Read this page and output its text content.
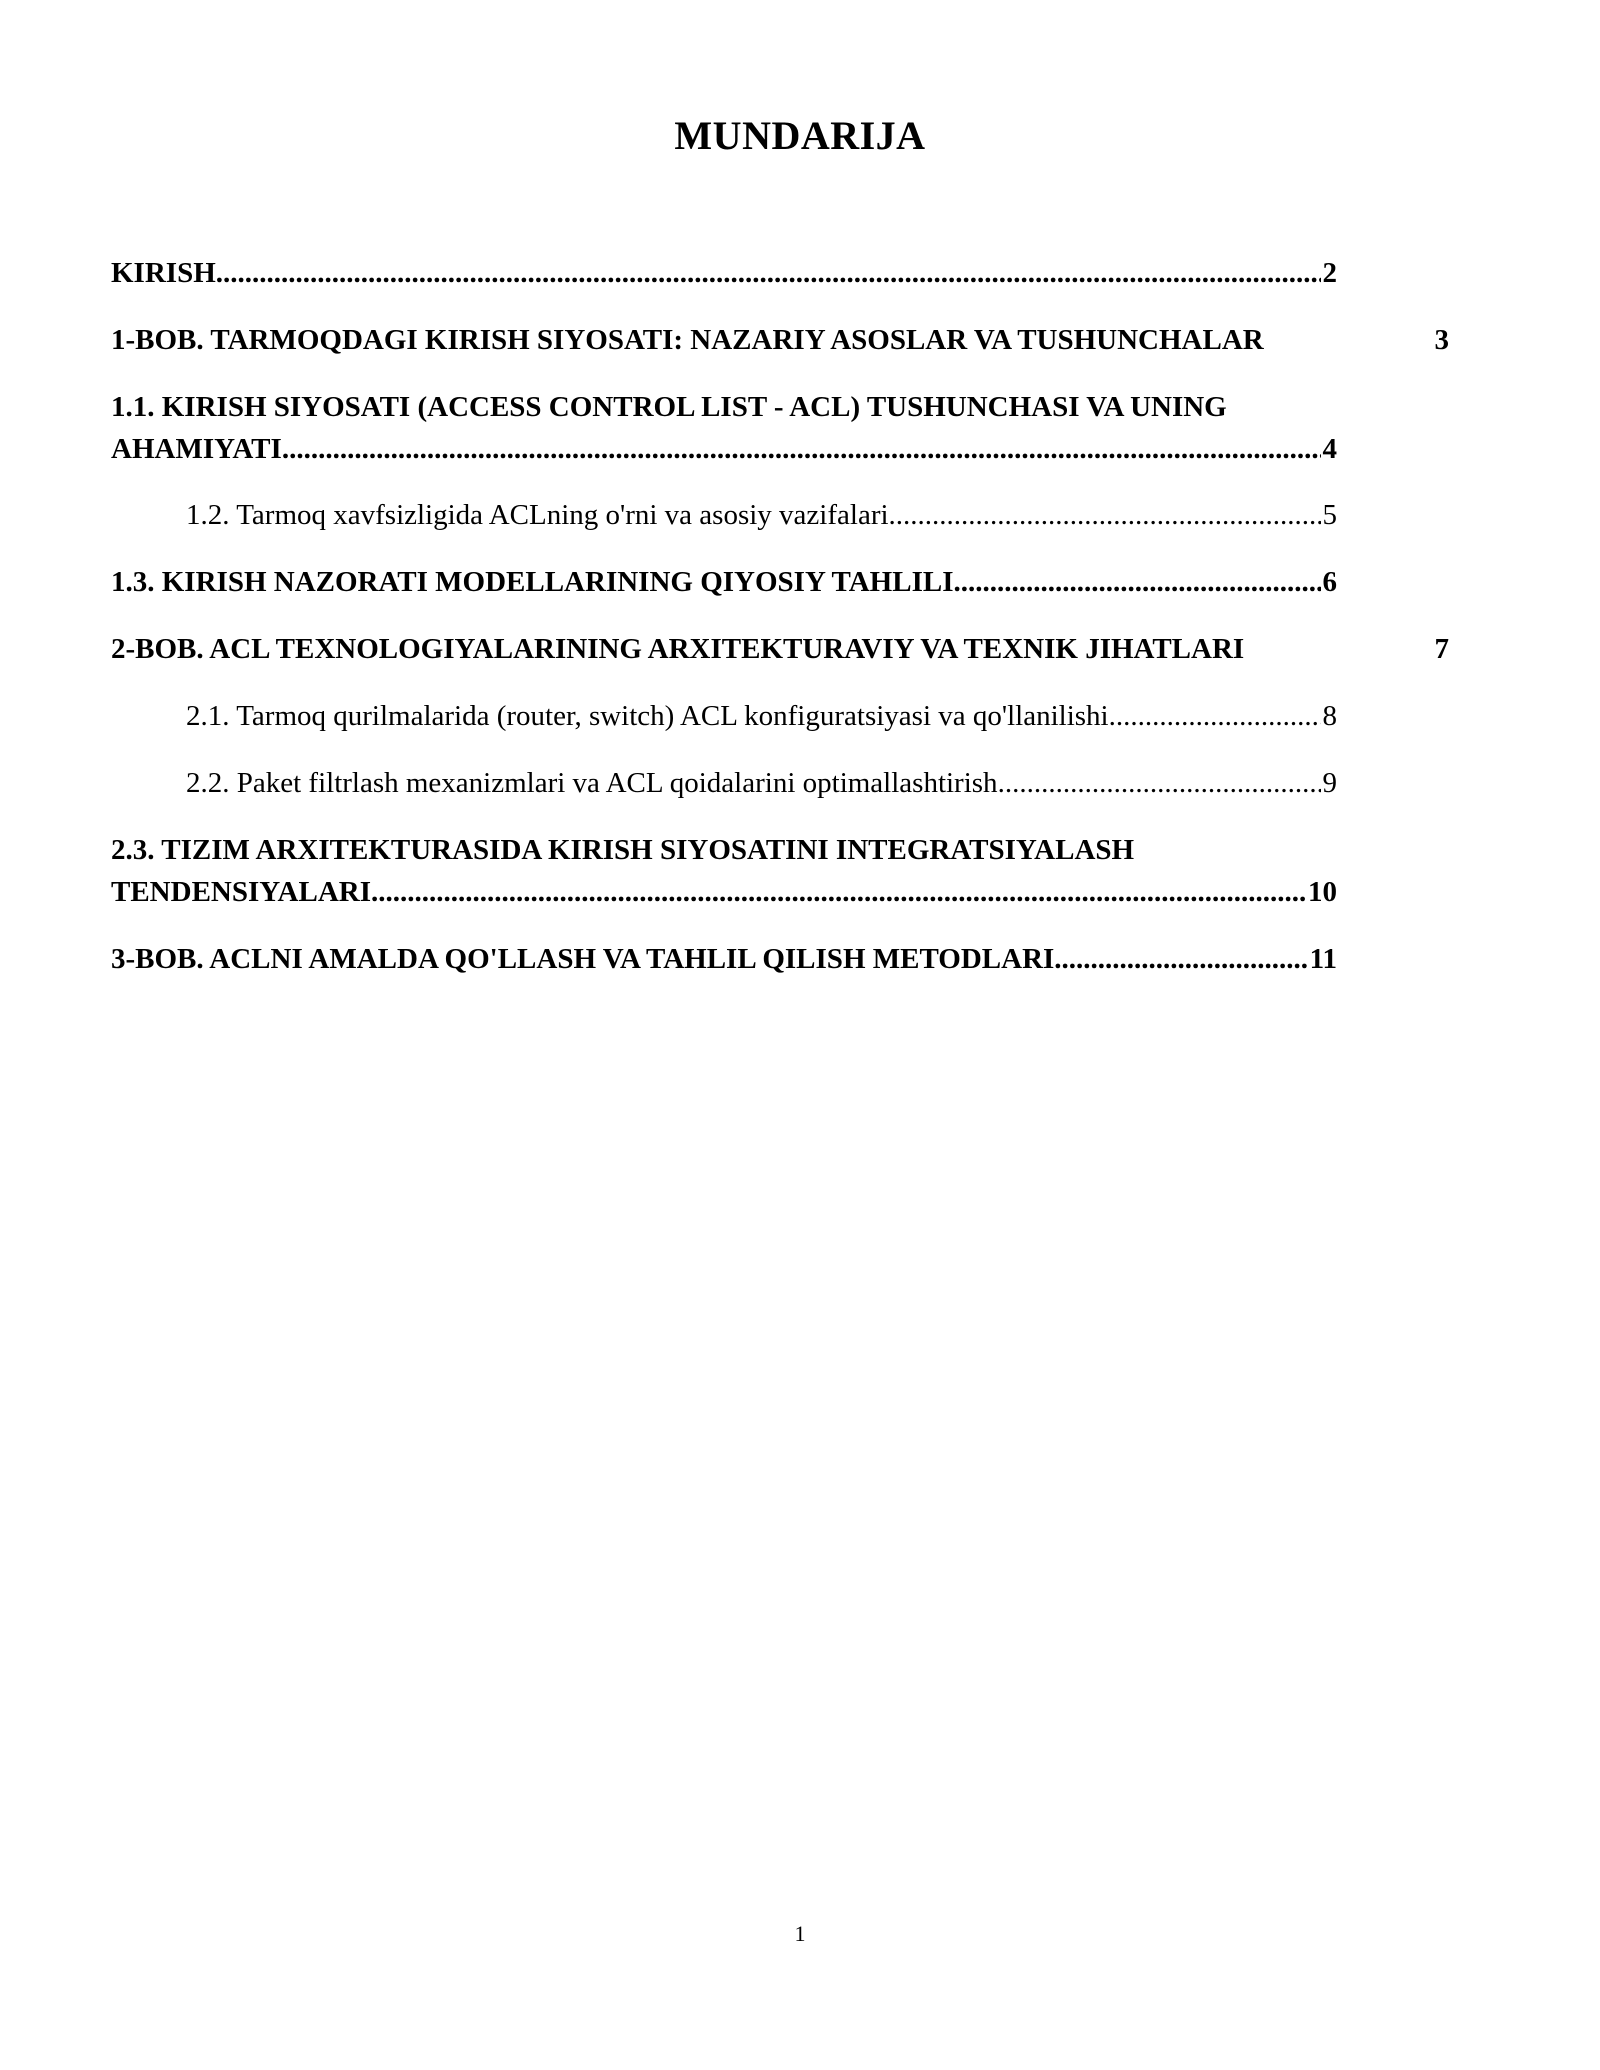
MUNDARIJA
KIRISH .....	2
1-BOB. TARMOQDAGI KIRISH SIYOSATI: NAZARIY ASOSLAR VA TUSHUNCHALAR	3
1.1. KIRISH SIYOSATI (ACCESS CONTROL LIST - ACL) TUSHUNCHASI VA UNING
AHAMIYATI .....	4
1.2. Tarmoq xavfsizligida ACLning o'rni va asosiy vazifalari .....	5
1.3. KIRISH NAZORATI MODELLARINING QIYOSIY TAHLILI .....	6
2-BOB. ACL TEXNOLOGIYALARINING ARXITEKTURAVIY VA TEXNIK JIHATLARI	7
2.1. Tarmoq qurilmalarida (router, switch) ACL konfiguratsiyasi va qo'llanilishi .....	8
2.2. Paket filtrlash mexanizmlari va ACL qoidalarini optimallashtirish .....	9
2.3. TIZIM ARXITEKTURASIDA KIRISH SIYOSATINI INTEGRATSIYALASH
TENDENSIYALARI .....	10
3-BOB. ACLNI AMALDA QO'LLASH VA TAHLIL QILISH METODLARI .....	11
1
